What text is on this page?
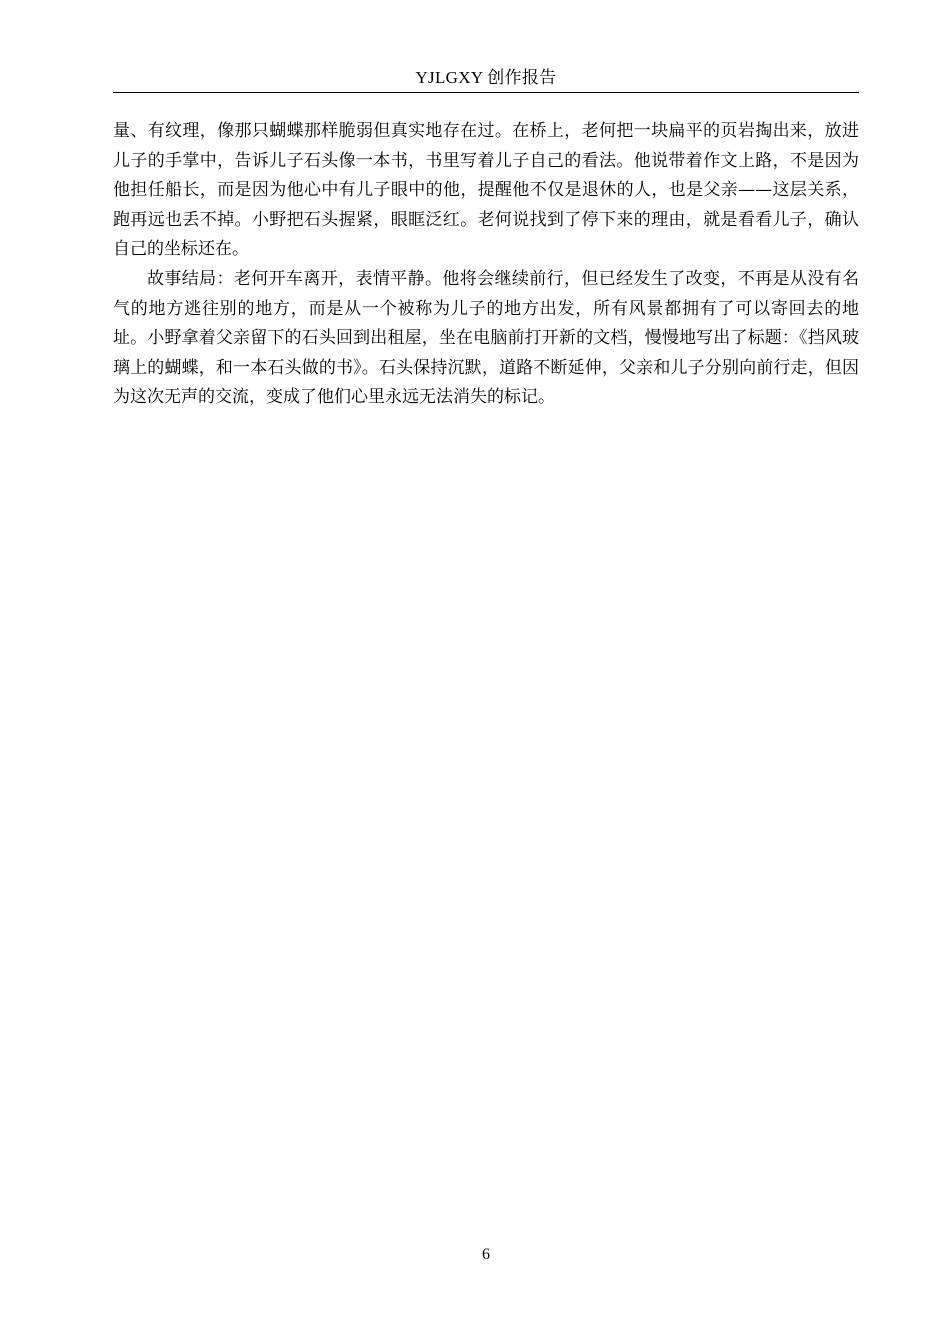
YJLGXY 创作报告

量、有纹理，像那只蝴蝶那样脆弱但真实地存在过。在桥上，老何把一块扁平的页岩掏出来，放进儿子的手掌中，告诉儿子石头像一本书，书里写着儿子自己的看法。他说带着作文上路，不是因为他担任船长，而是因为他心中有儿子眼中的他，提醒他不仅是退休的人，也是父亲——这层关系，跑再远也丢不掉。小野把石头握紧，眼眶泛红。老何说找到了停下来的理由，就是看看儿子，确认自己的坐标还在。

故事结局：老何开车离开，表情平静。他将会继续前行，但已经发生了改变，不再是从没有名气的地方逃往别的地方，而是从一个被称为儿子的地方出发，所有风景都拥有了可以寄回去的地址。小野拿着父亲留下的石头回到出租屋，坐在电脑前打开新的文档，慢慢地写出了标题：《挡风玻璃上的蝴蝶，和一本石头做的书》。石头保持沉默，道路不断延伸，父亲和儿子分别向前行走，但因为这次无声的交流，变成了他们心里永远无法消失的标记。

6
